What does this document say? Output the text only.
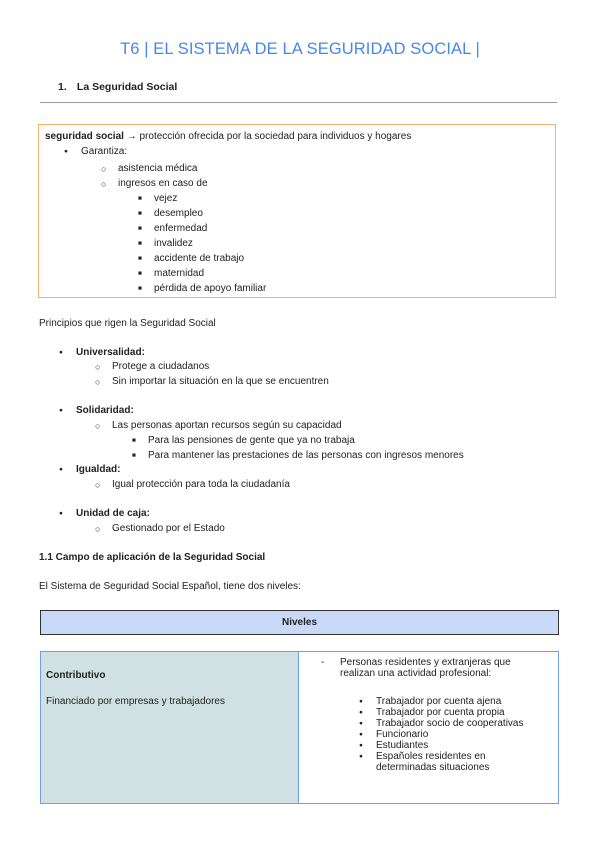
T6 | EL SISTEMA DE LA SEGURIDAD SOCIAL |
1. La Seguridad Social
seguridad social → protección ofrecida por la sociedad para individuos y hogares
● Garantiza:
○ asistencia médica
○ ingresos en caso de
■ vejez
■ desempleo
■ enfermedad
■ invalidez
■ accidente de trabajo
■ maternidad
■ pérdida de apoyo familiar
Principios que rigen la Seguridad Social
● Universalidad:
○ Protege a ciudadanos
○ Sin importar la situación en la que se encuentren
● Solidaridad:
○ Las personas aportan recursos según su capacidad
■ Para las pensiones de gente que ya no trabaja
■ Para mantener las prestaciones de las personas con ingresos menores
● Igualdad:
○ Igual protección para toda la ciudadanía
● Unidad de caja:
○ Gestionado por el Estado
1.1 Campo de aplicación de la Seguridad Social
El Sistema de Seguridad Social Español, tiene dos niveles:
Niveles
Contributivo
Financiado por empresas y trabajadores
- Personas residentes y extranjeras que
realizan una actividad profesional:
● Trabajador por cuenta ajena
● Trabajador por cuenta propia
● Trabajador socio de cooperativas
● Funcionario
● Estudiantes
● Españoles residentes en
determinadas situaciones
